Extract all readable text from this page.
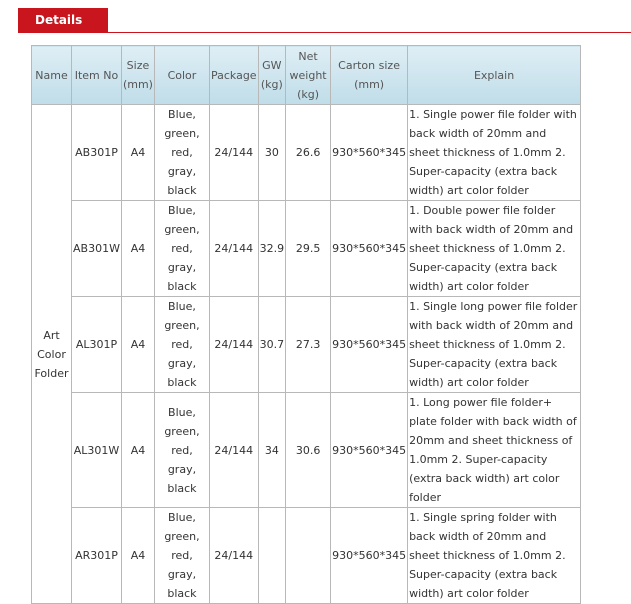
Details
Name	Item No	Size (mm)	Color	Package	GW (kg)	Net weight (kg)	Carton size (mm)	Explain
Art Color Folder	AB301P	A4	Blue, green, red, gray, black	24/144	30	26.6	930*560*345	1. Single power file folder with back width of 20mm and sheet thickness of 1.0mm 2. Super-capacity (extra back width) art color folder
	AB301W	A4	Blue, green, red, gray, black	24/144	32.9	29.5	930*560*345	1. Double power file folder with back width of 20mm and sheet thickness of 1.0mm 2. Super-capacity (extra back width) art color folder
	AL301P	A4	Blue, green, red, gray, black	24/144	30.7	27.3	930*560*345	1. Single long power file folder with back width of 20mm and sheet thickness of 1.0mm 2. Super-capacity (extra back width) art color folder
	AL301W	A4	Blue, green, red, gray, black	24/144	34	30.6	930*560*345	1. Long power file folder+ plate folder with back width of 20mm and sheet thickness of 1.0mm 2. Super-capacity (extra back width) art color folder
	AR301P	A4	Blue, green, red, gray, black	24/144			930*560*345	1. Single spring folder with back width of 20mm and sheet thickness of 1.0mm 2. Super-capacity (extra back width) art color folder
